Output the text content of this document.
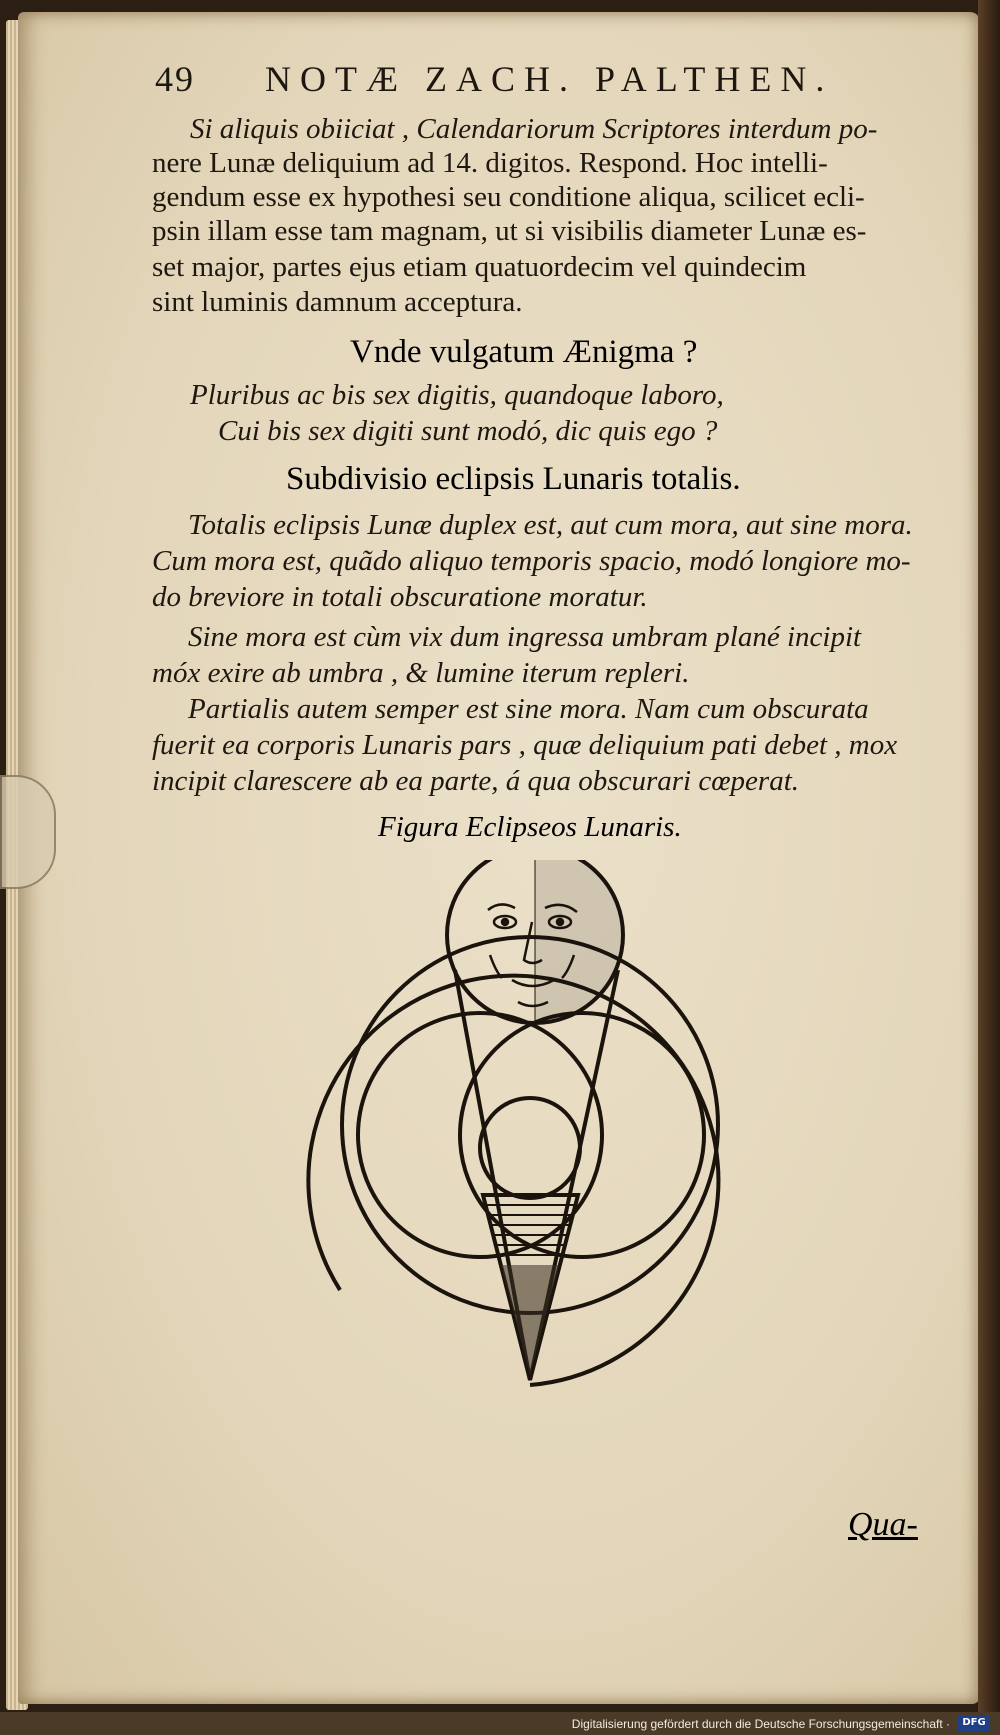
49 NOTÆ ZACH. PALTHEN.
Si aliquis obiiciat , Calendariorum Scriptores interdum po-
nere Lunæ deliquium ad 14. digitos. Respond. Hoc intelli-
gendum esse ex hypothesi seu conditione aliqua, scilicet ecli-
psin illam esse tam magnam, ut si visibilis diameter Lunæ es-
set major, partes ejus etiam quatuordecim vel quindecim
sint luminis damnum acceptura.
Vnde vulgatum Ænigma ?
Pluribus ac bis sex digitis, quandoque laboro,
Cui bis sex digiti sunt modó, dic quis ego ?
Subdivisio eclipsis Lunaris totalis.
Totalis eclipsis Lunæ duplex est, aut cum mora, aut sine mora.
Cum mora est, quãdo aliquo temporis spacio, modó longiore mo-
do breviore in totali obscuratione moratur.
Sine mora est cùm vix dum ingressa umbram plané incipit
móx exire ab umbra , & lumine iterum repleri.
Partialis autem semper est sine mora. Nam cum obscurata
fuerit ea corporis Lunaris pars , quæ deliquium pati debet , mox
incipit clarescere ab ea parte, á qua obscurari cœperat.
Figura Eclipseos Lunaris.
Qua-
Digitalisierung gefördert durch die Deutsche Forschungsgemeinschaft ·	DFG
